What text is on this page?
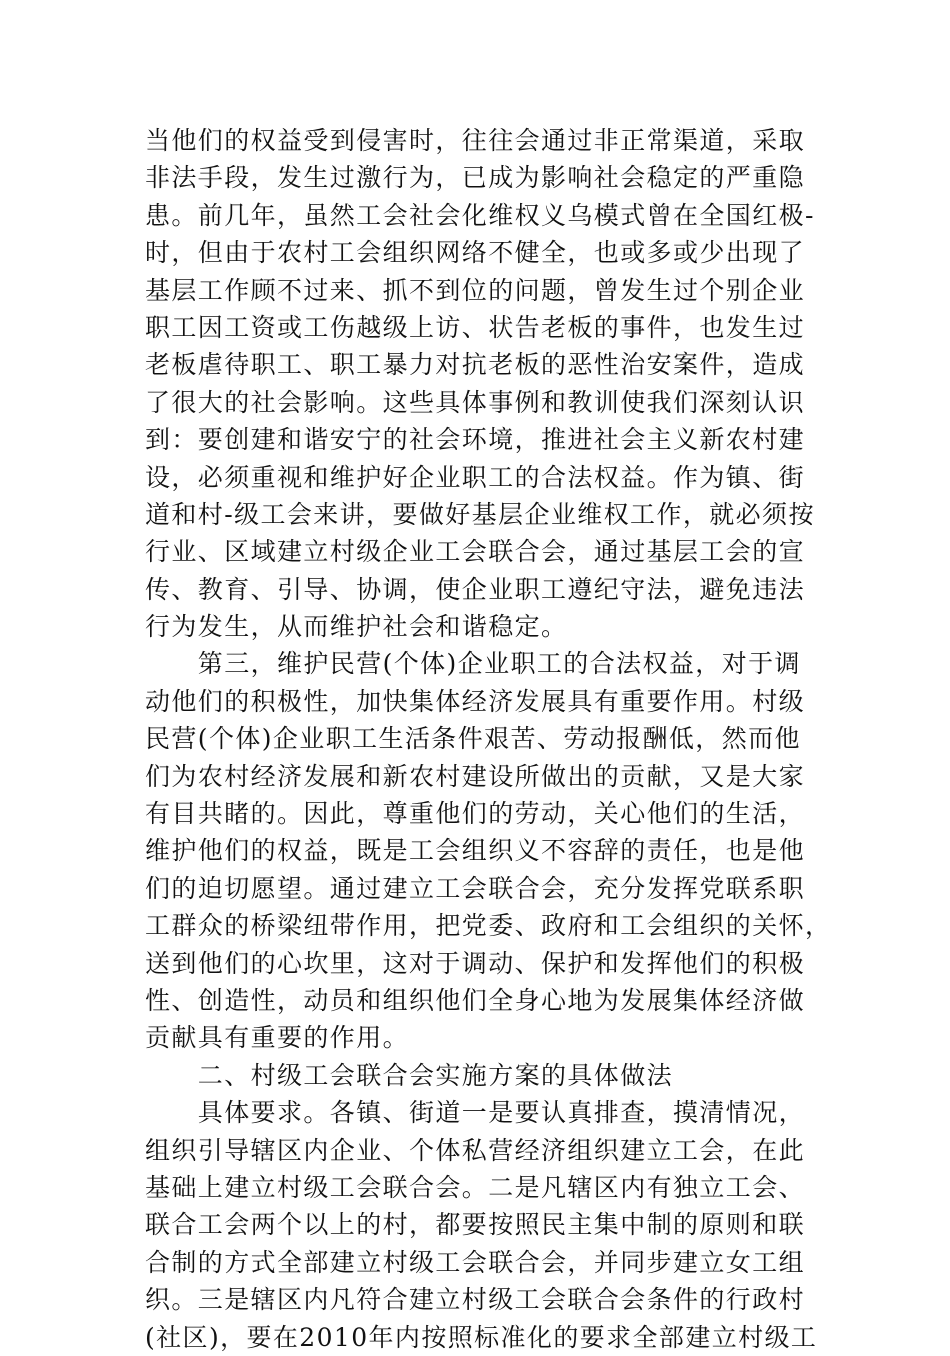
当他们的权益受到侵害时，往往会通过非正常渠道，采取
非法手段，发生过激行为，已成为影响社会稳定的严重隐
患。前几年，虽然工会社会化维权义乌模式曾在全国红极-
时，但由于农村工会组织网络不健全，也或多或少出现了
基层工作顾不过来、抓不到位的问题，曾发生过个别企业
职工因工资或工伤越级上访、状告老板的事件，也发生过
老板虐待职工、职工暴力对抗老板的恶性治安案件，造成
了很大的社会影响。这些具体事例和教训使我们深刻认识
到：要创建和谐安宁的社会环境，推进社会主义新农村建
设，必须重视和维护好企业职工的合法权益。作为镇、街
道和村-级工会来讲，要做好基层企业维权工作，就必须按
行业、区域建立村级企业工会联合会，通过基层工会的宣
传、教育、引导、协调，使企业职工遵纪守法，避免违法
行为发生，从而维护社会和谐稳定。
　　第三，维护民营(个体)企业职工的合法权益，对于调
动他们的积极性，加快集体经济发展具有重要作用。村级
民营(个体)企业职工生活条件艰苦、劳动报酬低，然而他
们为农村经济发展和新农村建设所做出的贡献，又是大家
有目共睹的。因此，尊重他们的劳动，关心他们的生活，
维护他们的权益，既是工会组织义不容辞的责任，也是他
们的迫切愿望。通过建立工会联合会，充分发挥党联系职
工群众的桥梁纽带作用，把党委、政府和工会组织的关怀，
送到他们的心坎里，这对于调动、保护和发挥他们的积极
性、创造性，动员和组织他们全身心地为发展集体经济做
贡献具有重要的作用。
　　二、村级工会联合会实施方案的具体做法
　　具体要求。各镇、街道一是要认真排查，摸清情况，
组织引导辖区内企业、个体私营经济组织建立工会，在此
基础上建立村级工会联合会。二是凡辖区内有独立工会、
联合工会两个以上的村，都要按照民主集中制的原则和联
合制的方式全部建立村级工会联合会，并同步建立女工组
织。三是辖区内凡符合建立村级工会联合会条件的行政村
(社区)，要在2010年内按照标准化的要求全部建立村级工
